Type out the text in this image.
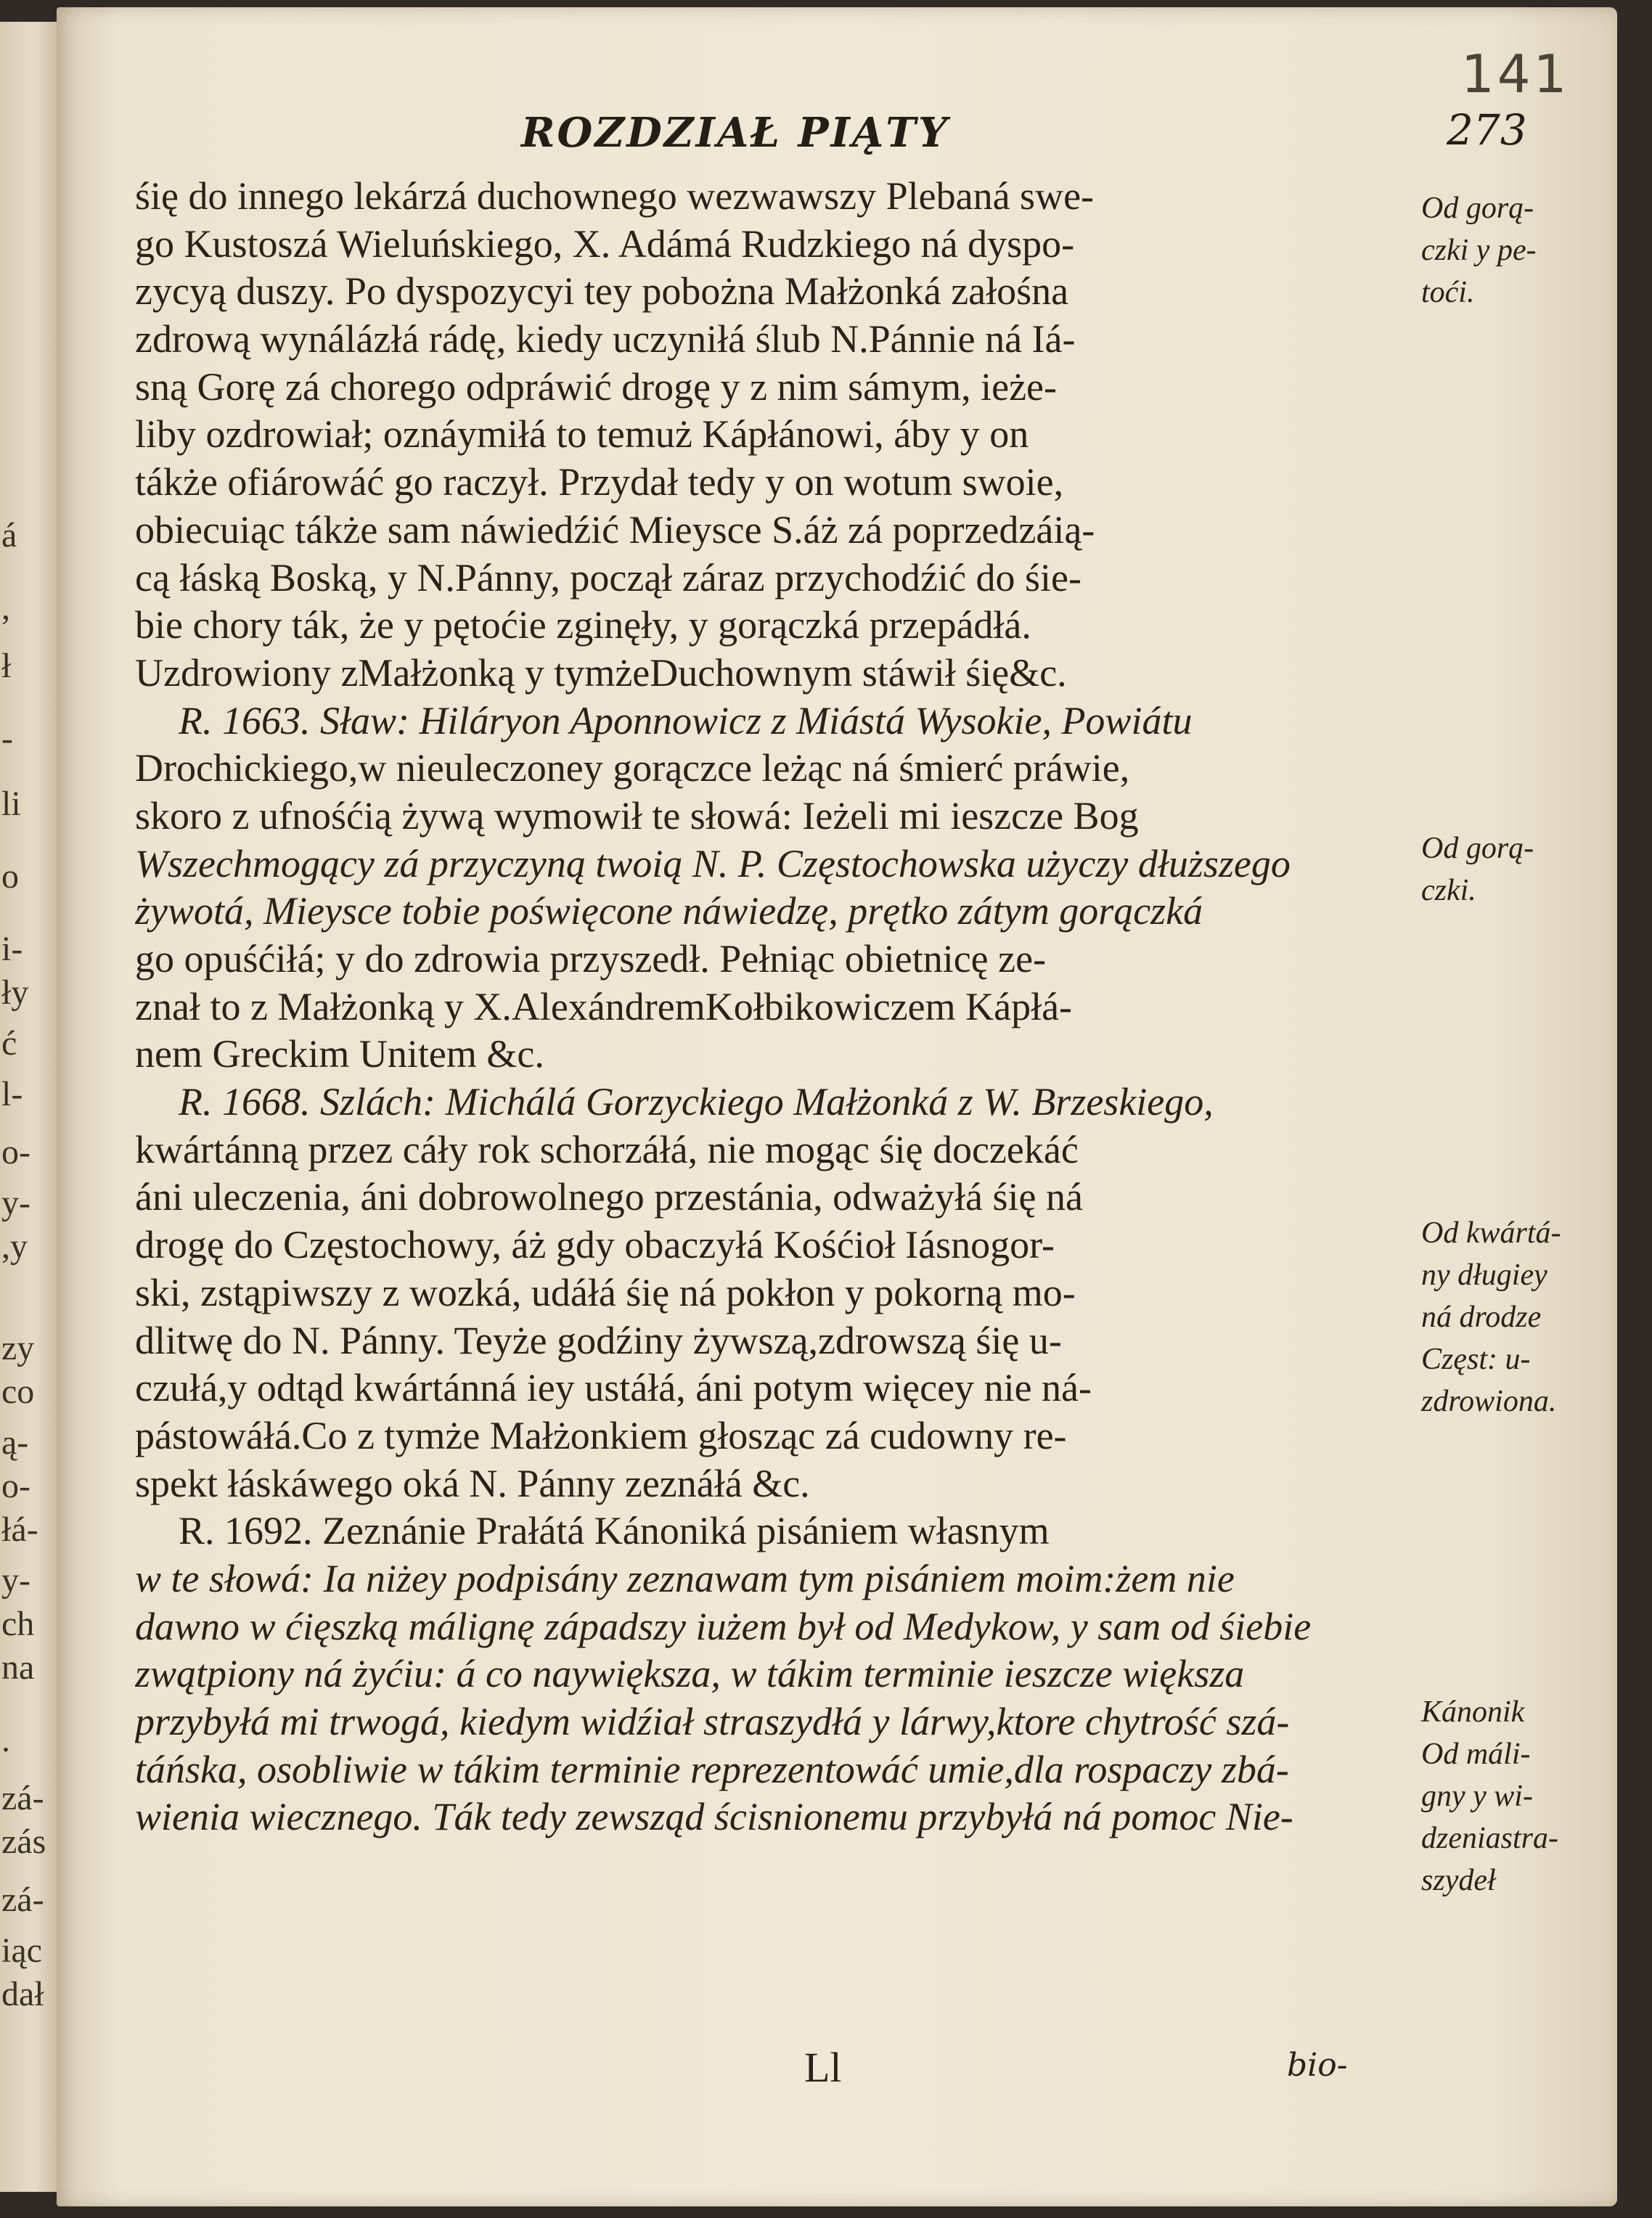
á
,
ł
-
li
o
i-
ły
ć
l-
o-
y-
,y
zy
co
ą-
o-
łá-
y-
ch
na
.
zá-
zás
zá-
iąc
dał
141
ROZDZIAŁ PIĄTY	273
śię do innego lekárzá duchownego wezwawszy Plebaná swe-
go Kustoszá Wieluńskiego, X. Adámá Rudzkiego ná dyspo-
zycyą duszy. Po dyspozycyi tey pobożna Małżonká załośna
zdrową wynálázłá rádę, kiedy uczyniłá ślub N.Pánnie ná Iá-
sną Gorę zá chorego odpráwić drogę y z nim sámym, ieże-
liby ozdrowiał; oznáymiłá to temuż Kápłánowi, áby y on
tákże ofiárowáć go raczył. Przydał tedy y on wotum swoie,
obiecuiąc tákże sam náwiedźić Mieysce S.áż zá poprzedzáią-
cą łáską Boską, y N.Pánny, począł záraz przychodźić do śie-
bie chory ták, że y pętoćie zginęły, y gorączká przepádłá.
Uzdrowiony zMałżonką y tymżeDuchownym stáwił śię&c.
R. 1663. Sław: Hiláryon Aponnowicz z Miástá Wysokie, Powiátu
Drochickiego,w nieuleczoney gorączce leżąc ná śmierć práwie,
skoro z ufnośćią żywą wymowił te słowá: Ieżeli mi ieszcze Bog
Wszechmogący zá przyczyną twoią N. P. Częstochowska użyczy dłuższego
żywotá, Mieysce tobie poświęcone náwiedzę, prętko zátym gorączká
go opuśćiłá; y do zdrowia przyszedł. Pełniąc obietnicę ze-
znał to z Małżonką y X.AlexándremKołbikowiczem Kápłá-
nem Greckim Unitem &c.
R. 1668. Szlách: Michálá Gorzyckiego Małżonká z W. Brzeskiego,
kwártánną przez cáły rok schorzáłá, nie mogąc śię doczekáć
áni uleczenia, áni dobrowolnego przestánia, odważyłá śię ná
drogę do Częstochowy, áż gdy obaczyłá Kośćioł Iásnogor-
ski, zstąpiwszy z wozká, udáłá śię ná pokłon y pokorną mo-
dlitwę do N. Pánny. Teyże godźiny żywszą,zdrowszą śię u-
czułá,y odtąd kwártánná iey ustáłá, áni potym więcey nie ná-
pástowáłá.Co z tymże Małżonkiem głosząc zá cudowny re-
spekt łáskáwego oká N. Pánny zeznáłá &c.
R. 1692. Zeznánie Prałátá Kánoniká pisániem własnym
w te słowá: Ia niżey podpisány zeznawam tym pisániem moim:żem nie
dawno w ćięszką málignę západszy iużem był od Medykow, y sam od śiebie
zwątpiony ná żyćiu: á co naywiększa, w tákim terminie ieszcze większa
przybyłá mi trwogá, kiedym widźiał straszydłá y lárwy,ktore chytrość szá-
táńska, osobliwie w tákim terminie reprezentowáć umie,dla rospaczy zbá-
wienia wiecznego. Ták tedy zewsząd ścisnionemu przybyłá ná pomoc Nie-
Od gorą-
czki y pe-
toći.
Od gorą-
czki.
Od kwártá-
ny długiey
ná drodze
Częst: u-
zdrowiona.
Kánonik
Od máli-
gny y wi-
dzeniastra-
szydeł
Ll	bio-
